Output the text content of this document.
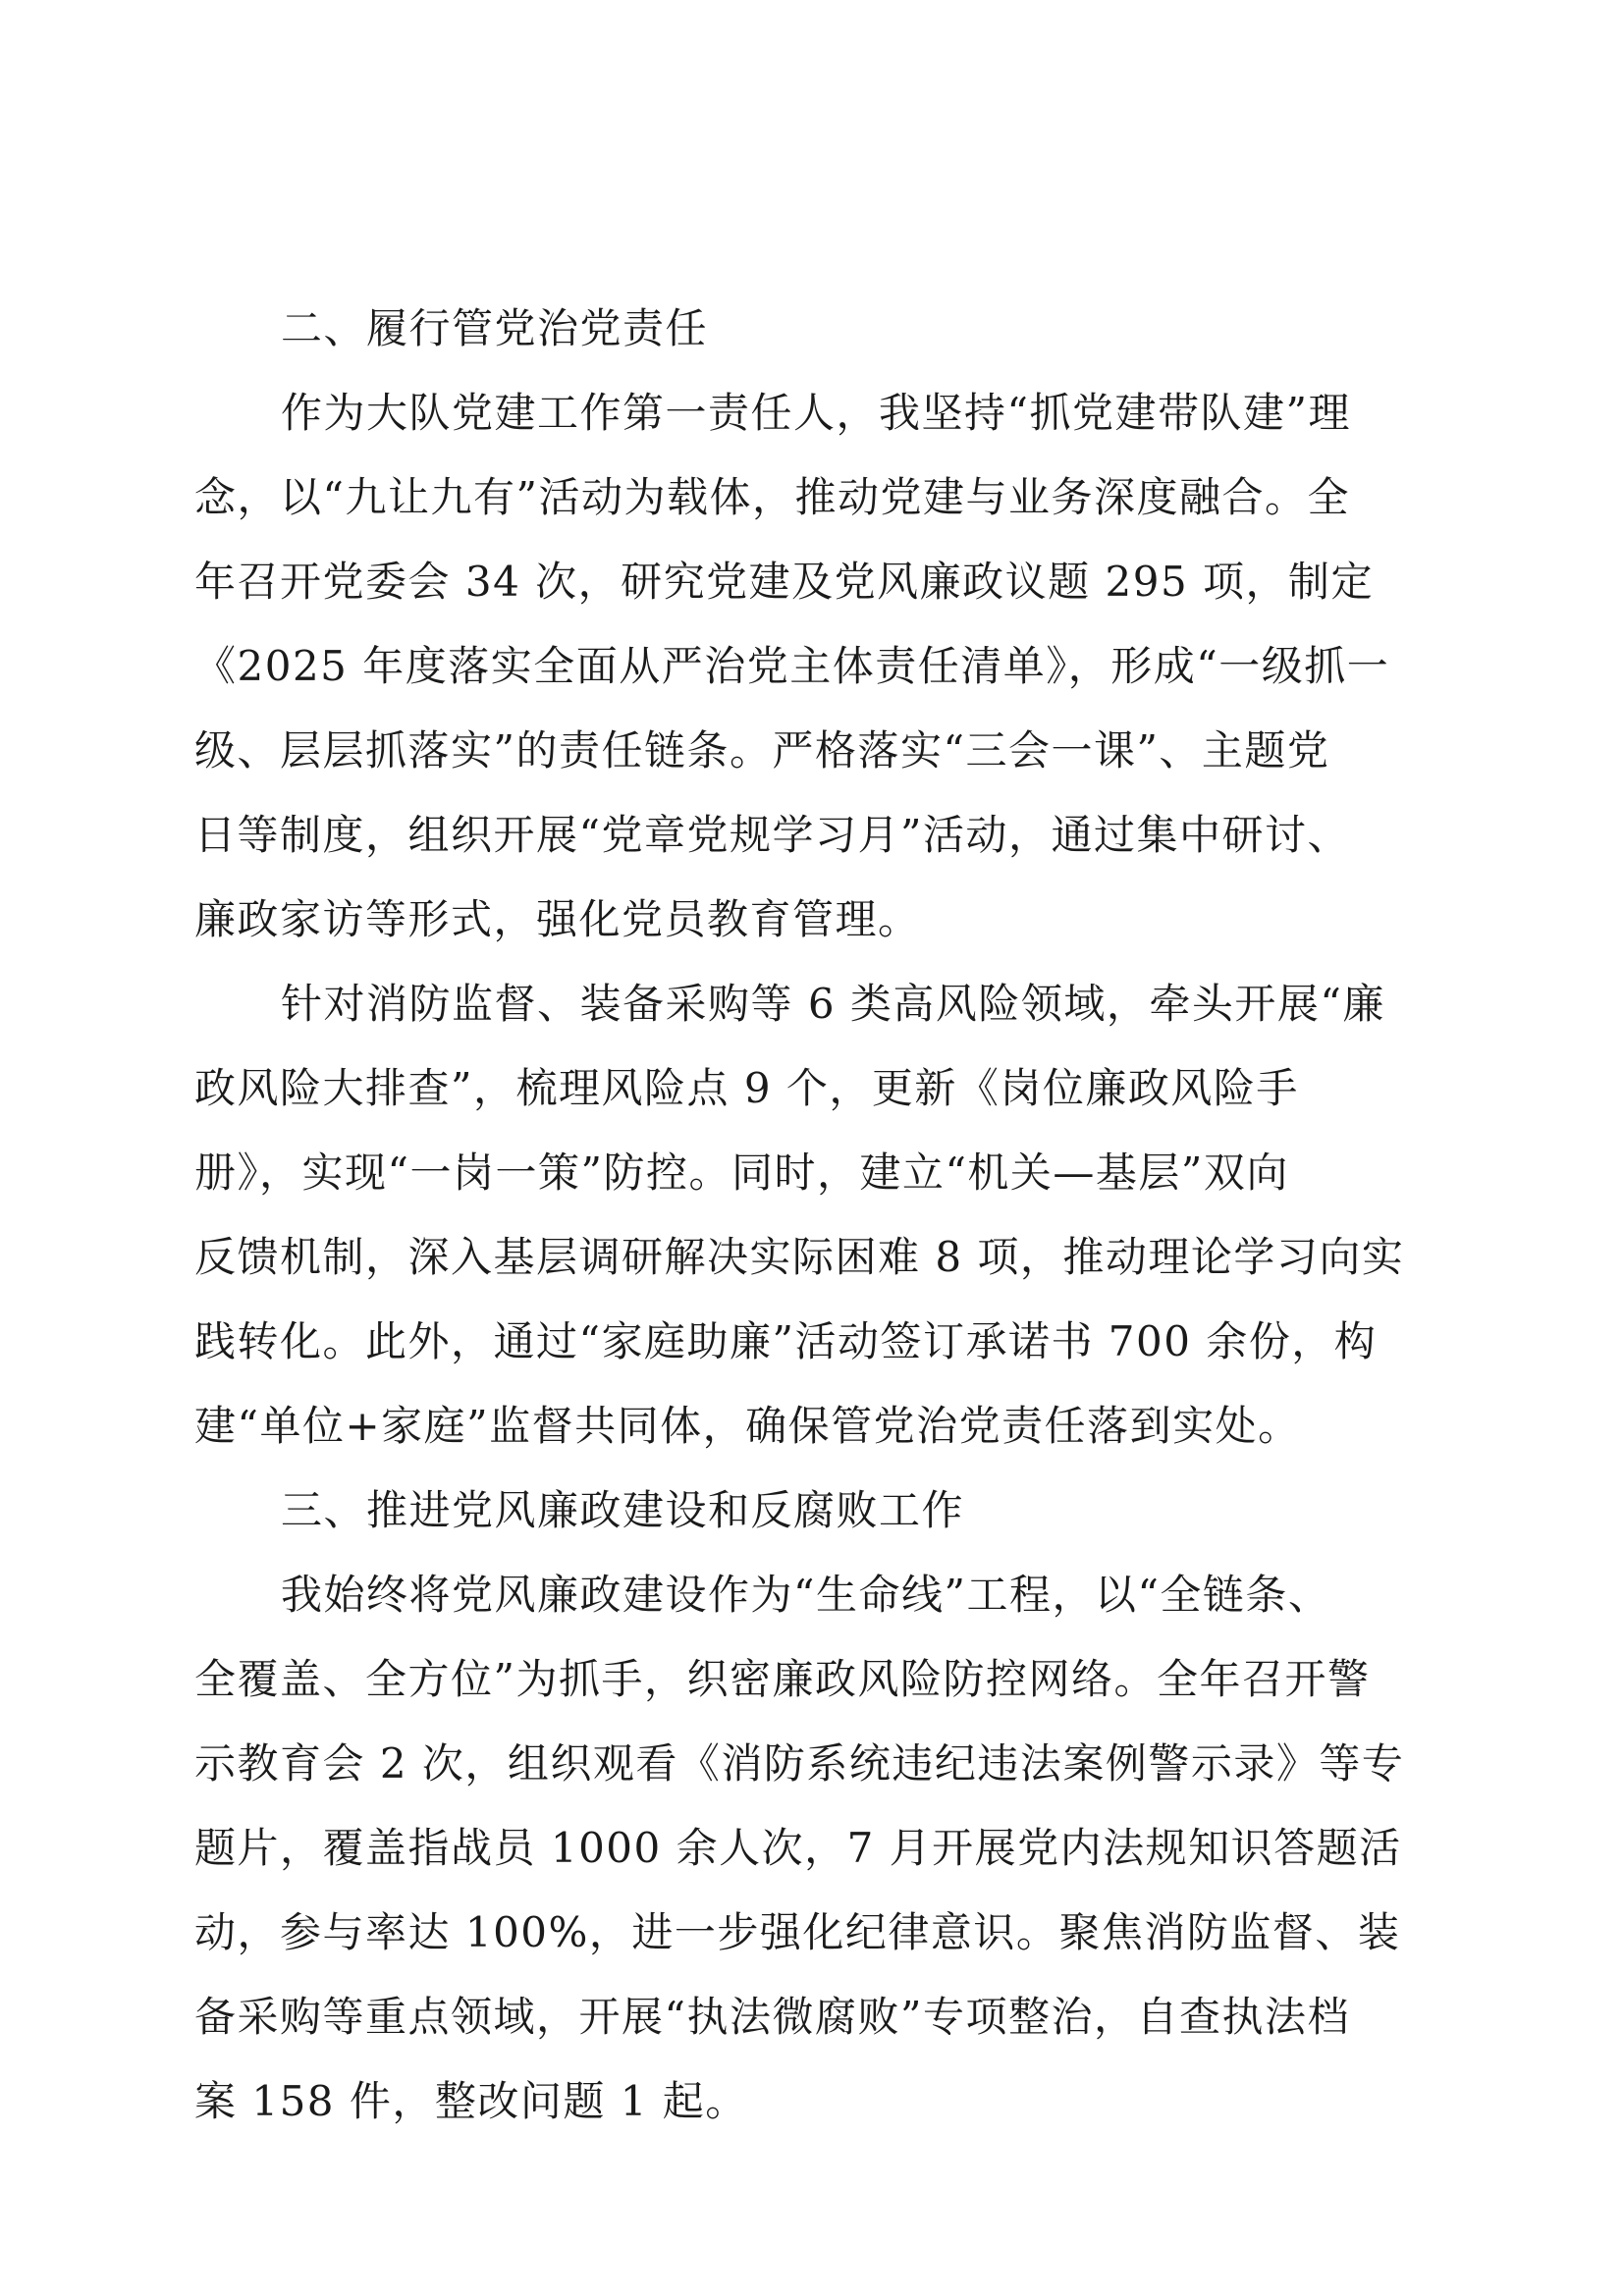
二、履行管党治党责任
作为大队党建工作第一责任人，我坚持“抓党建带队建”理
念，以“九让九有”活动为载体，推动党建与业务深度融合。全
年召开党委会 34 次，研究党建及党风廉政议题 295 项，制定
《2025 年度落实全面从严治党主体责任清单》，形成“一级抓一
级、层层抓落实”的责任链条。严格落实“三会一课”、主题党
日等制度，组织开展“党章党规学习月”活动，通过集中研讨、
廉政家访等形式，强化党员教育管理。
针对消防监督、装备采购等 6 类高风险领域，牵头开展“廉
政风险大排查”，梳理风险点 9 个，更新《岗位廉政风险手
册》，实现“一岗一策”防控。同时，建立“机关—基层”双向
反馈机制，深入基层调研解决实际困难 8 项，推动理论学习向实
践转化。此外，通过“家庭助廉”活动签订承诺书 700 余份，构
建“单位+家庭”监督共同体，确保管党治党责任落到实处。
三、推进党风廉政建设和反腐败工作
我始终将党风廉政建设作为“生命线”工程，以“全链条、
全覆盖、全方位”为抓手，织密廉政风险防控网络。全年召开警
示教育会 2 次，组织观看《消防系统违纪违法案例警示录》等专
题片，覆盖指战员 1000 余人次，7 月开展党内法规知识答题活
动，参与率达 100%，进一步强化纪律意识。聚焦消防监督、装
备采购等重点领域，开展“执法微腐败”专项整治，自查执法档
案 158 件，整改问题 1 起。
